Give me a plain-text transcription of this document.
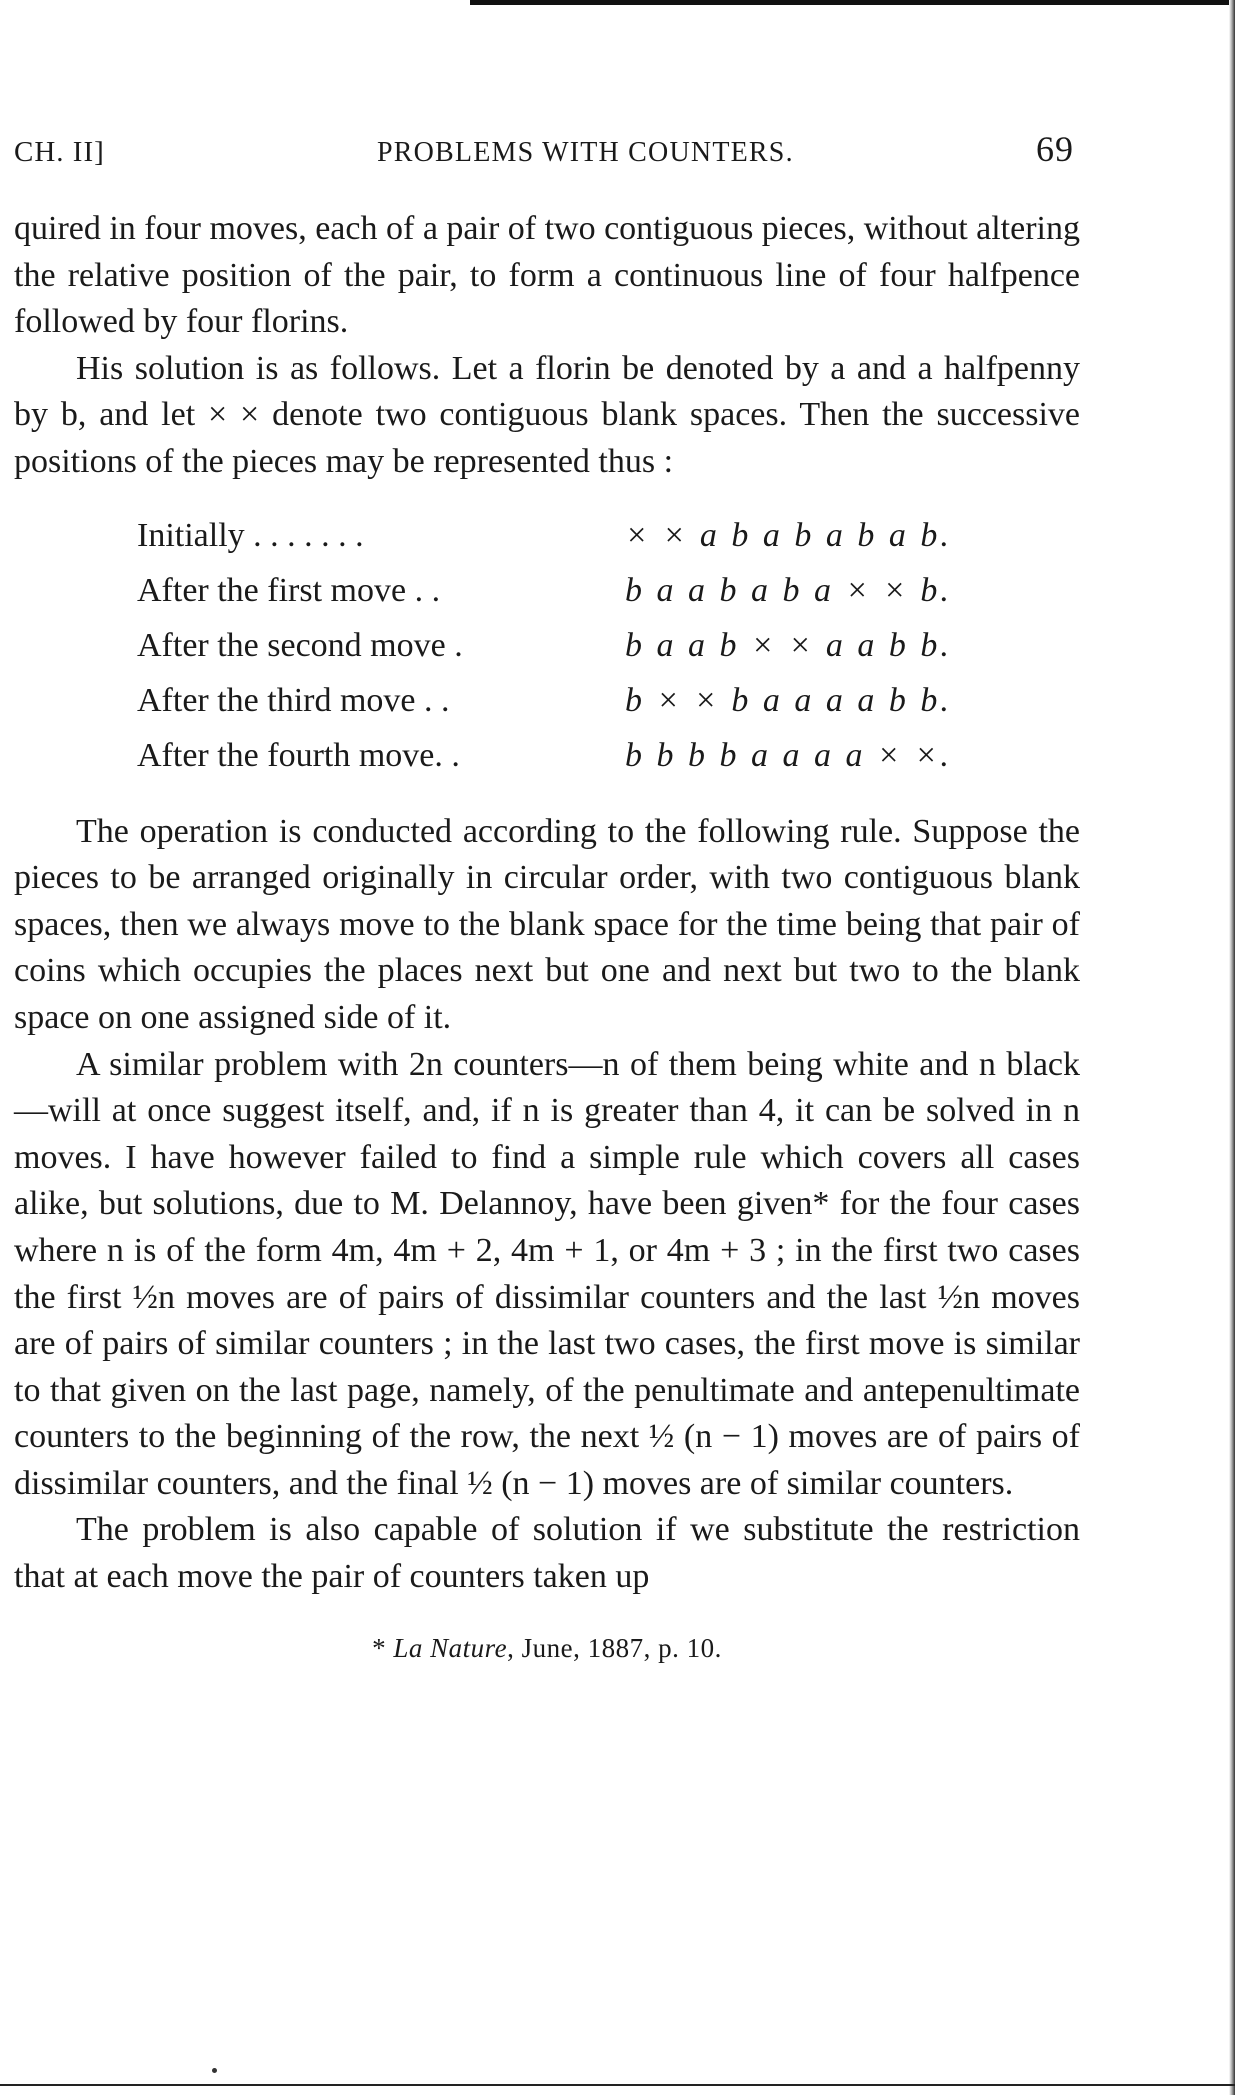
CH. II]	PROBLEMS WITH COUNTERS.	69

quired in four moves, each of a pair of two contiguous pieces, without altering the relative position of the pair, to form a continuous line of four halfpence followed by four florins.

His solution is as follows. Let a florin be denoted by a and a halfpenny by b, and let × × denote two contiguous blank spaces. Then the successive positions of the pieces may be represented thus :

Initially . . . . . . .	× × a b a b a b a b.
After the first move . .	b a a b a b a × × b.
After the second move .	b a a b × × a a b b.
After the third move . .	b × × b a a a a b b.
After the fourth move. .	b b b b a a a a × ×.

The operation is conducted according to the following rule. Suppose the pieces to be arranged originally in circular order, with two contiguous blank spaces, then we always move to the blank space for the time being that pair of coins which occupies the places next but one and next but two to the blank space on one assigned side of it.

A similar problem with 2n counters—n of them being white and n black—will at once suggest itself, and, if n is greater than 4, it can be solved in n moves. I have however failed to find a simple rule which covers all cases alike, but solutions, due to M. Delannoy, have been given* for the four cases where n is of the form 4m, 4m + 2, 4m + 1, or 4m + 3 ; in the first two cases the first ½n moves are of pairs of dissimilar counters and the last ½n moves are of pairs of similar counters ; in the last two cases, the first move is similar to that given on the last page, namely, of the penultimate and antepenultimate counters to the beginning of the row, the next ½ (n − 1) moves are of pairs of dissimilar counters, and the final ½ (n − 1) moves are of similar counters.

The problem is also capable of solution if we substitute the restriction that at each move the pair of counters taken up

* La Nature, June, 1887, p. 10.
